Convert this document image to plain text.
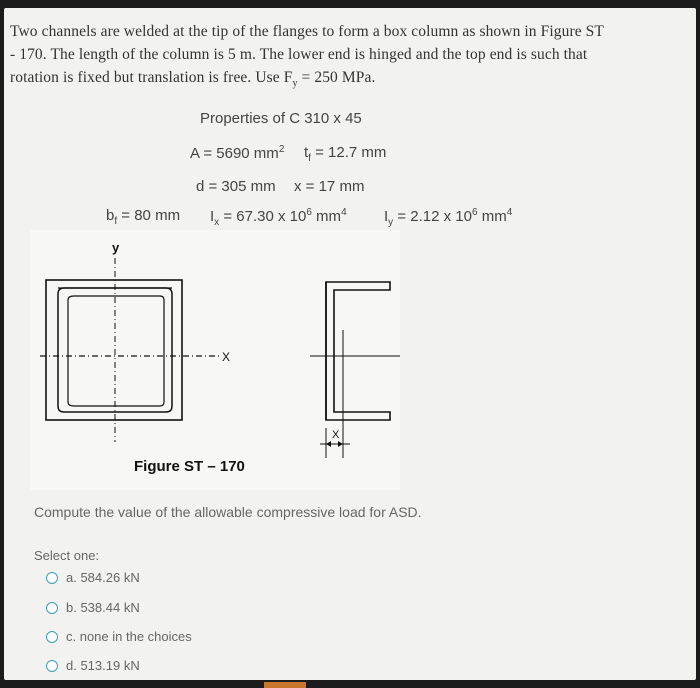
Two channels are welded at the tip of the flanges to form a box column as shown in Figure ST
- 170. The length of the column is 5 m. The lower end is hinged and the top end is such that
rotation is fixed but translation is free. Use $F_y = 250$ MPa.
Properties of C 310 x 45
A = 5690 $mm^2$ $t_f = 12.7$ mm
d = 305 mm x = 17 mm
$b_f = 80$ mm $I_x = 67.30$ x $10^6$ $mm^4$ $I_y = 2.12$ x $10^6$ $mm^4$
y
X
X
Figure ST – 170
Compute the value of the allowable compressive load for ASD.
Select one:
a. 584.26 kN
b. 538.44 kN
c. none in the choices
d. 513.19 kN
